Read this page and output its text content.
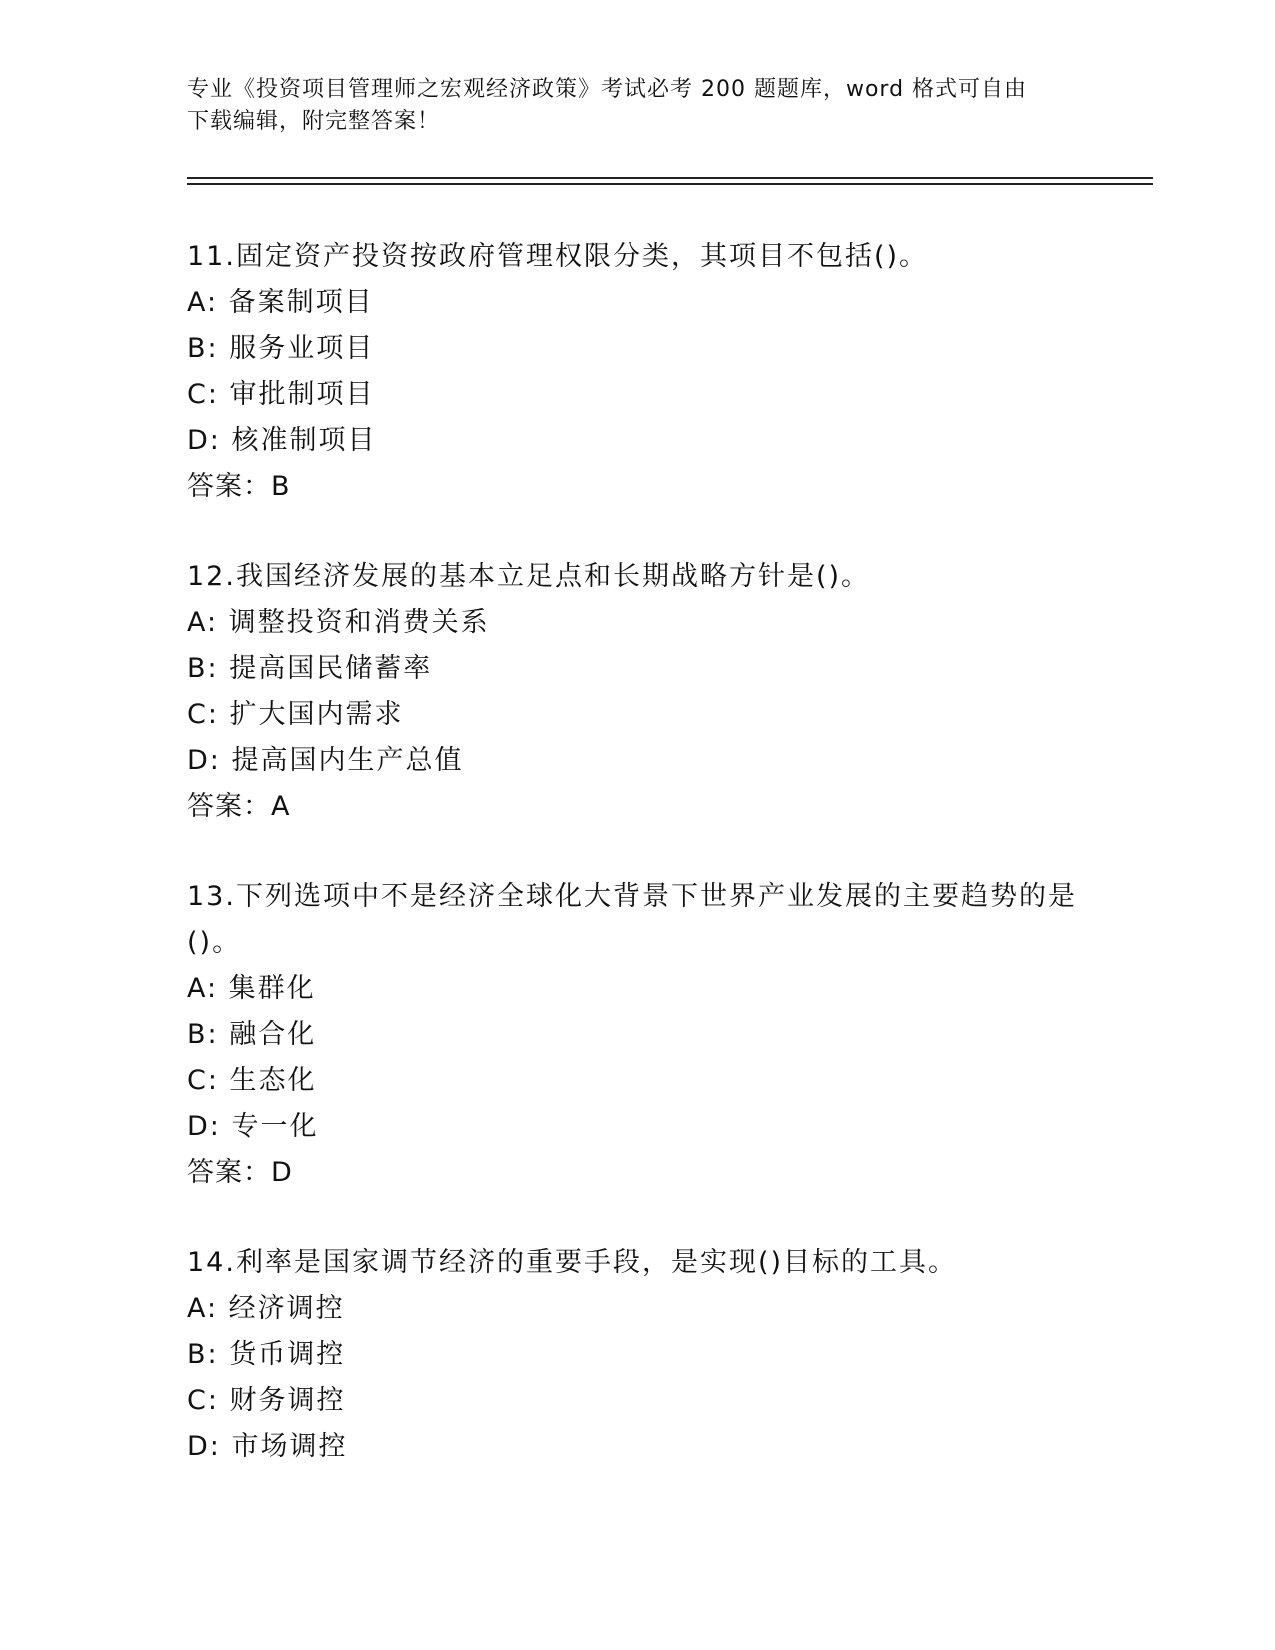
专业《投资项目管理师之宏观经济政策》考试必考 200 题题库，word 格式可自由
下载编辑，附完整答案！
11.固定资产投资按政府管理权限分类，其项目不包括()。
A: 备案制项目
B: 服务业项目
C: 审批制项目
D: 核准制项目
答案：B
12.我国经济发展的基本立足点和长期战略方针是()。
A: 调整投资和消费关系
B: 提高国民储蓄率
C: 扩大国内需求
D: 提高国内生产总值
答案：A
13.下列选项中不是经济全球化大背景下世界产业发展的主要趋势的是
()。
A: 集群化
B: 融合化
C: 生态化
D: 专一化
答案：D
14.利率是国家调节经济的重要手段，是实现()目标的工具。
A: 经济调控
B: 货币调控
C: 财务调控
D: 市场调控
